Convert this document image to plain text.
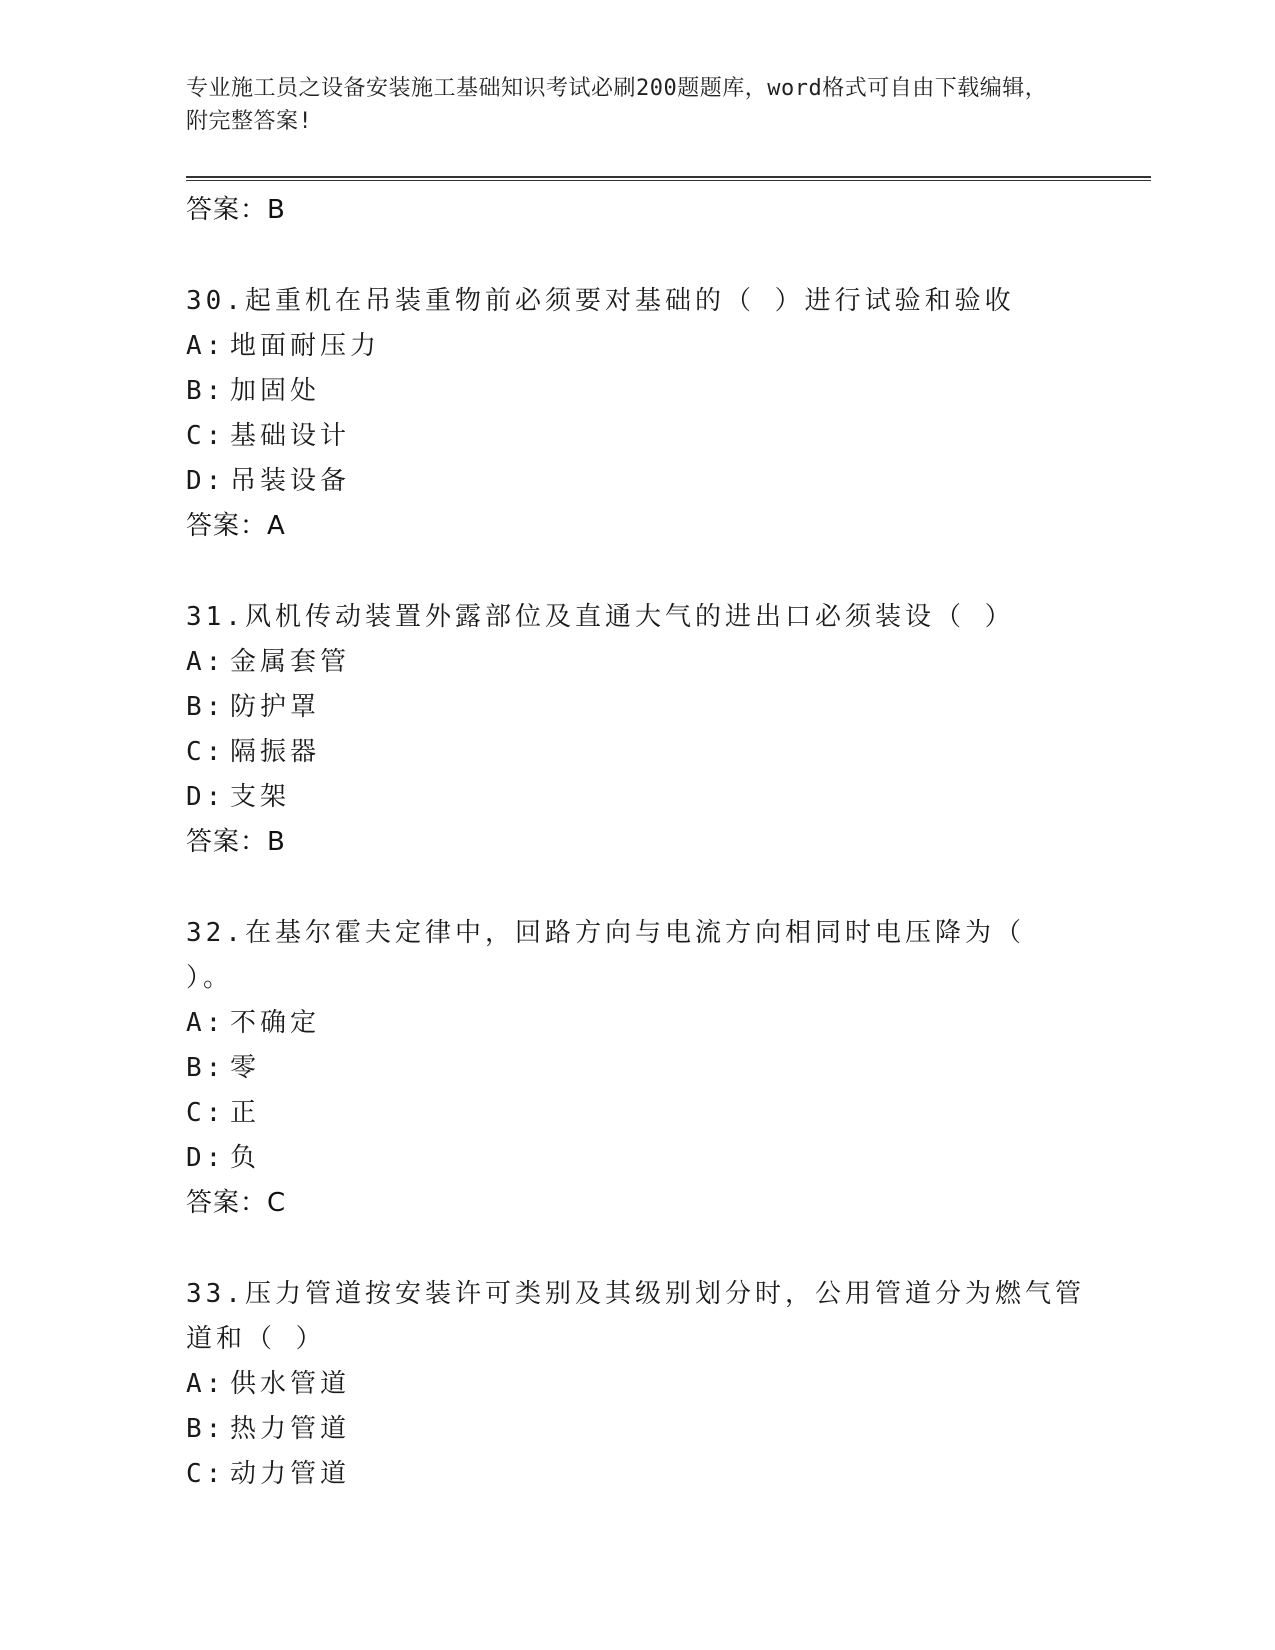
专业施工员之设备安装施工基础知识考试必刷200题题库，word格式可自由下载编辑，附完整答案!
答案：B
30.起重机在吊装重物前必须要对基础的（ ）进行试验和验收
A: 地面耐压力
B: 加固处
C: 基础设计
D: 吊装设备
答案：A
31.风机传动装置外露部位及直通大气的进出口必须装设（ ）
A: 金属套管
B: 防护罩
C: 隔振器
D: 支架
答案：B
32.在基尔霍夫定律中，回路方向与电流方向相同时电压降为（ ）。
A: 不确定
B: 零
C: 正
D: 负
答案：C
33.压力管道按安装许可类别及其级别划分时，公用管道分为燃气管道和（ ）
A: 供水管道
B: 热力管道
C: 动力管道
